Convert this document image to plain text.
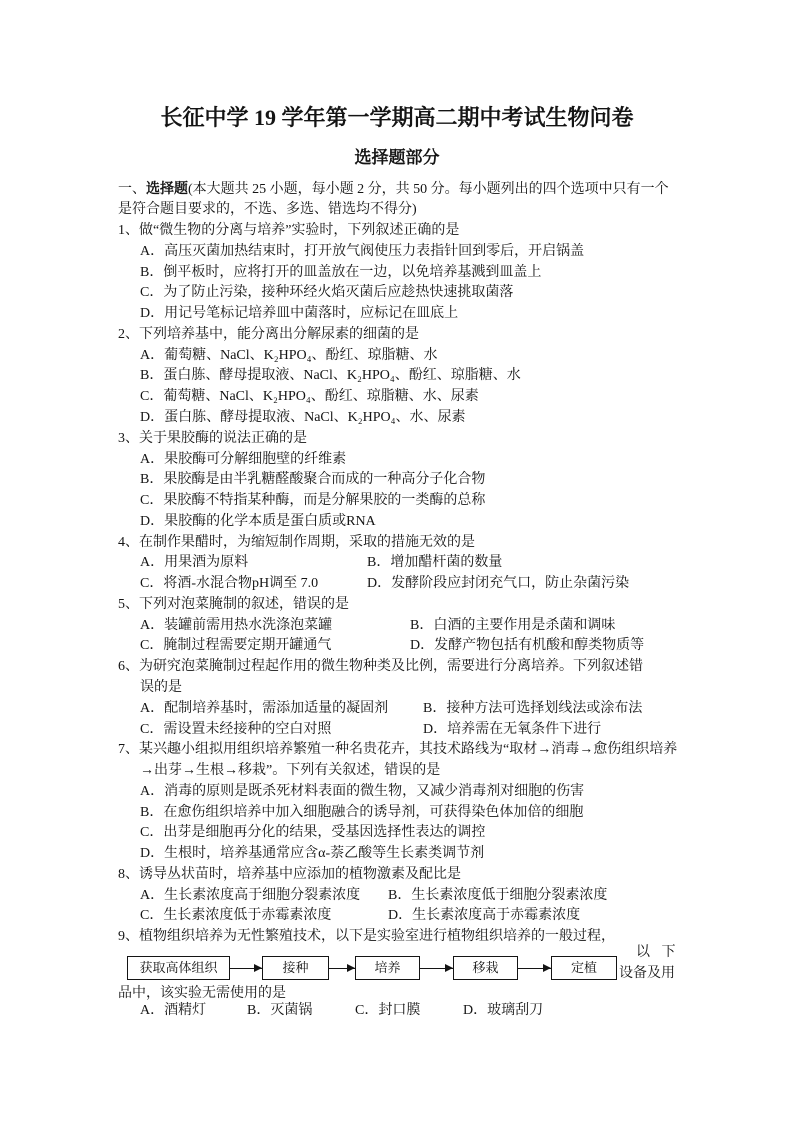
长征中学 19 学年第一学期高二期中考试生物问卷
选择题部分
一、选择题(本大题共 25 小题，每小题 2 分，共 50 分。每小题列出的四个选项中只有一个
是符合题目要求的，不选、多选、错选均不得分)
1、做“微生物的分离与培养”实验时，下列叙述正确的是
A．高压灭菌加热结束时，打开放气阀使压力表指针回到零后，开启锅盖
B．倒平板时，应将打开的皿盖放在一边，以免培养基溅到皿盖上
C．为了防止污染，接种环经火焰灭菌后应趁热快速挑取菌落
D．用记号笔标记培养皿中菌落时，应标记在皿底上
2、下列培养基中，能分离出分解尿素的细菌的是
A．葡萄糖、NaCl、K₂HPO₄、酚红、琼脂糖、水
B．蛋白胨、酵母提取液、NaCl、K₂HPO₄、酚红、琼脂糖、水
C．葡萄糖、NaCl、K₂HPO₄、酚红、琼脂糖、水、尿素
D．蛋白胨、酵母提取液、NaCl、K₂HPO₄、水、尿素
3、关于果胶酶的说法正确的是
A．果胶酶可分解细胞壁的纤维素
B．果胶酶是由半乳糖醛酸聚合而成的一种高分子化合物
C．果胶酶不特指某种酶，而是分解果胶的一类酶的总称
D．果胶酶的化学本质是蛋白质或RNA
4、在制作果醋时，为缩短制作周期，采取的措施无效的是
A．用果酒为原料	B．增加醋杆菌的数量
C．将酒-水混合物pH调至 7.0	D．发酵阶段应封闭充气口，防止杂菌污染
5、下列对泡菜腌制的叙述，错误的是
A．装罐前需用热水洗涤泡菜罐	B．白酒的主要作用是杀菌和调味
C．腌制过程需要定期开罐通气	D．发酵产物包括有机酸和醇类物质等
6、为研究泡菜腌制过程起作用的微生物种类及比例，需要进行分离培养。下列叙述错
误的是
A．配制培养基时，需添加适量的凝固剂 B．接种方法可选择划线法或涂布法
C．需设置未经接种的空白对照	D．培养需在无氧条件下进行
7、某兴趣小组拟用组织培养繁殖一种名贵花卉，其技术路线为“取材→消毒→愈伤组织培养
→出芽→生根→移栽”。下列有关叙述，错误的是
A．消毒的原则是既杀死材料表面的微生物，又减少消毒剂对细胞的伤害
B．在愈伤组织培养中加入细胞融合的诱导剂，可获得染色体加倍的细胞
C．出芽是细胞再分化的结果，受基因选择性表达的调控
D．生根时，培养基通常应含α-萘乙酸等生长素类调节剂
8、诱导丛状苗时，培养基中应添加的植物激素及配比是
A．生长素浓度高于细胞分裂素浓度 B．生长素浓度低于细胞分裂素浓度
C．生长素浓度低于赤霉素浓度	D．生长素浓度高于赤霉素浓度
9、植物组织培养为无性繁殖技术，以下是实验室进行植物组织培养的一般过程，
获取高体组织	接种	培养	移栽	定植
以 下
设备及用
品中，该实验无需使用的是
A．酒精灯	B．灭菌锅	C．封口膜	D．玻璃刮刀
